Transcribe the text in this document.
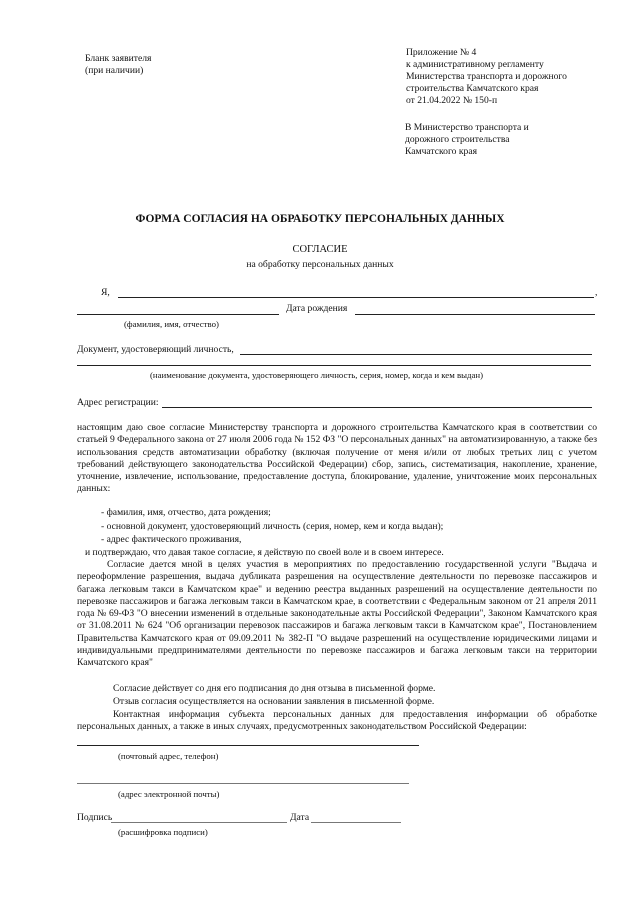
Бланк заявителя
(при наличии)
Приложение № 4
к административному регламенту
Министерства транспорта и дорожного
строительства Камчатского края
от 21.04.2022 № 150-п
В Министерство транспорта и
дорожного строительства
Камчатского края
ФОРМА СОГЛАСИЯ НА ОБРАБОТКУ ПЕРСОНАЛЬНЫХ ДАННЫХ
СОГЛАСИЕ
на обработку персональных данных
Я,	,
Дата рождения
(фамилия, имя, отчество)
Документ, удостоверяющий личность,
(наименование документа, удостоверяющего личность, серия, номер, когда и кем выдан)
Адрес регистрации:
настоящим даю свое согласие Министерству транспорта и дорожного строительства Камчатского края в соответствии со статьей 9 Федерального закона от 27 июля 2006 года № 152 ФЗ "О персональных данных" на автоматизированную, а также без использования средств автоматизации обработку (включая получение от меня и/или от любых третьих лиц с учетом требований действующего законодательства Российской Федерации) сбор, запись, систематизация, накопление, хранение, уточнение, извлечение, использование, предоставление доступа, блокирование, удаление, уничтожение моих персональных данных:
- фамилия, имя, отчество, дата рождения;
- основной документ, удостоверяющий личность (серия, номер, кем и когда выдан);
- адрес фактического проживания,
и подтверждаю, что давая такое согласие, я действую по своей воле и в своем интересе.
Согласие дается мной в целях участия в мероприятиях по предоставлению государственной услуги "Выдача и переоформление разрешения, выдача дубликата разрешения на осуществление деятельности по перевозке пассажиров и багажа легковым такси в Камчатском крае" и ведению реестра выданных разрешений на осуществление деятельности по перевозке пассажиров и багажа легковым такси в Камчатском крае, в соответствии с Федеральным законом от 21 апреля 2011 года № 69-ФЗ "О внесении изменений в отдельные законодательные акты Российской Федерации", Законом Камчатского края от 31.08.2011 № 624 "Об организации перевозок пассажиров и багажа легковым такси в Камчатском крае", Постановлением Правительства Камчатского края от 09.09.2011 № 382-П "О выдаче разрешений на осуществление юридическими лицами и индивидуальными предпринимателями деятельности по перевозке пассажиров и багажа легковым такси на территории Камчатского края"
Согласие действует со дня его подписания до дня отзыва в письменной форме.
Отзыв согласия осуществляется на основании заявления в письменной форме.
Контактная информация субъекта персональных данных для предоставления информации об обработке персональных данных, а также в иных случаях, предусмотренных законодательством Российской Федерации:
(почтовый адрес, телефон)
(адрес электронной почты)
Подпись	Дата
(расшифровка подписи)
